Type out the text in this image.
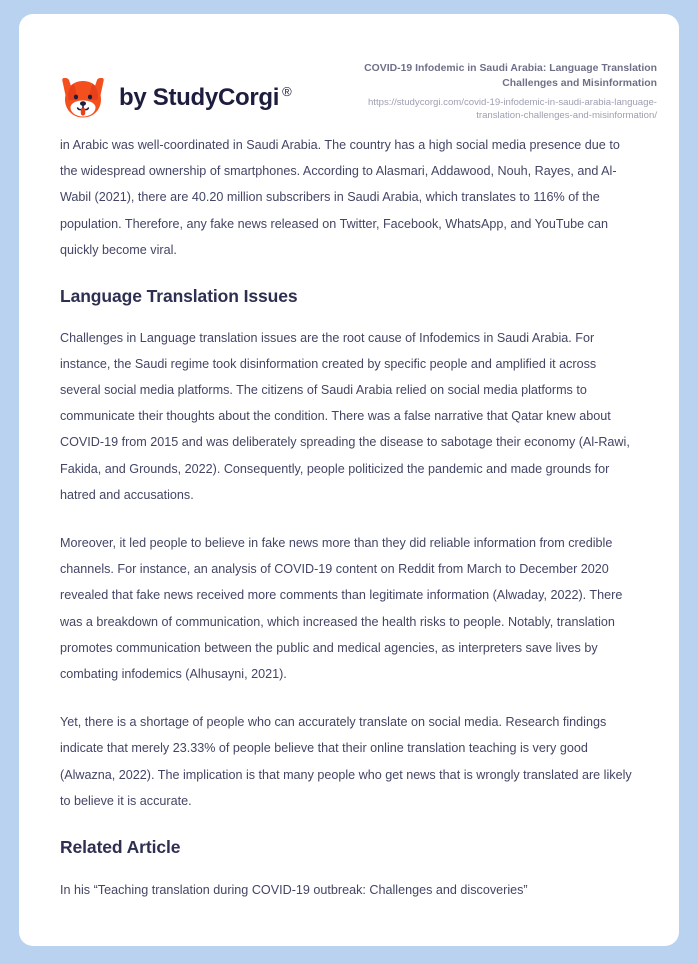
by StudyCorgi ®
COVID-19 Infodemic in Saudi Arabia: Language Translation Challenges and Misinformation
https://studycorgi.com/covid-19-infodemic-in-saudi-arabia-language-translation-challenges-and-misinformation/

in Arabic was well-coordinated in Saudi Arabia. The country has a high social media presence due to the widespread ownership of smartphones. According to Alasmari, Addawood, Nouh, Rayes, and Al-Wabil (2021), there are 40.20 million subscribers in Saudi Arabia, which translates to 116% of the population. Therefore, any fake news released on Twitter, Facebook, WhatsApp, and YouTube can quickly become viral.

Language Translation Issues

Challenges in Language translation issues are the root cause of Infodemics in Saudi Arabia. For instance, the Saudi regime took disinformation created by specific people and amplified it across several social media platforms. The citizens of Saudi Arabia relied on social media platforms to communicate their thoughts about the condition. There was a false narrative that Qatar knew about COVID-19 from 2015 and was deliberately spreading the disease to sabotage their economy (Al-Rawi, Fakida, and Grounds, 2022). Consequently, people politicized the pandemic and made grounds for hatred and accusations.

Moreover, it led people to believe in fake news more than they did reliable information from credible channels. For instance, an analysis of COVID-19 content on Reddit from March to December 2020 revealed that fake news received more comments than legitimate information (Alwaday, 2022). There was a breakdown of communication, which increased the health risks to people. Notably, translation promotes communication between the public and medical agencies, as interpreters save lives by combating infodemics (Alhusayni, 2021).

Yet, there is a shortage of people who can accurately translate on social media. Research findings indicate that merely 23.33% of people believe that their online translation teaching is very good (Alwazna, 2022). The implication is that many people who get news that is wrongly translated are likely to believe it is accurate.

Related Article

In his “Teaching translation during COVID-19 outbreak: Challenges and discoveries”
